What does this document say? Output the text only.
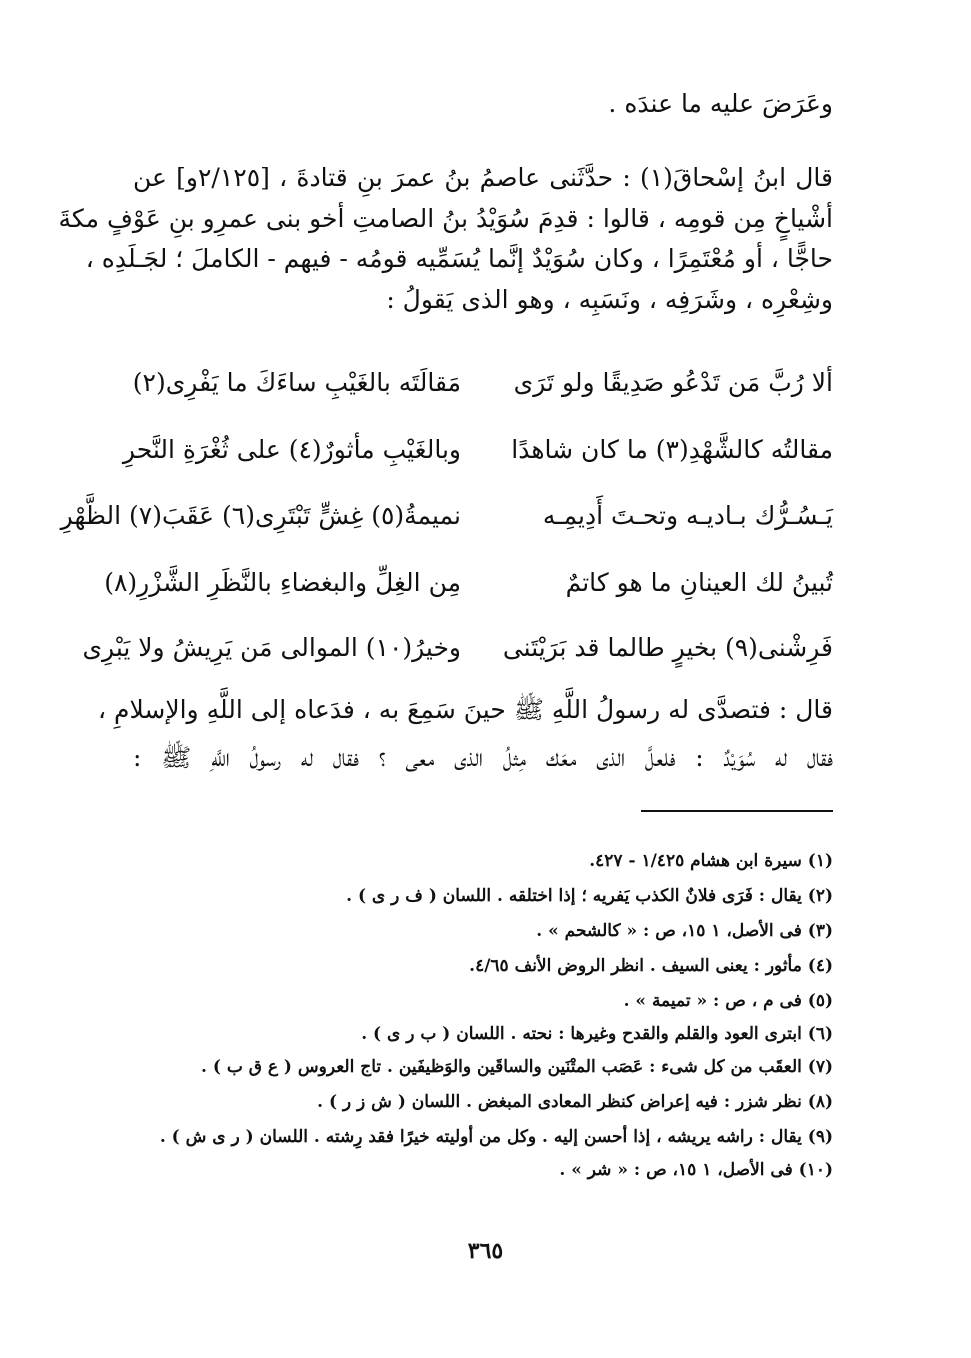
وعَرَضَ عليه ما عندَه .
قال ابنُ إسْحاقَ(١) : حدَّثَنى عاصمُ بنُ عمرَ بنِ قتادةَ ، [٢/١٢٥و] عن
أشْياخٍ مِن قومِه ، قالوا : قدِمَ سُوَيْدُ بنُ الصامتِ أخو بنى عمرِو بنِ عَوْفٍ مكةَ
حاجًّا ، أو مُعْتَمِرًا ، وكان سُوَيْدٌ إنَّما يُسَمِّيه قومُه - فيهم - الكاملَ ؛ لجَـلَدِه ،
وشِعْرِه ، وشَرَفِه ، ونَسَبِه ، وهو الذى يَقولُ :
ألا رُبَّ مَن تَدْعُو صَدِيقًا ولو تَرَى
مَقالَتَه بالغَيْبِ ساءَكَ ما يَفْرِى(٢)
مقالتُه كالشَّهْدِ(٣) ما كان شاهدًا
وبالغَيْبِ مأثورٌ(٤) على ثُغْرَةِ النَّحرِ
يَـسُـرُّك بـاديـه وتحـتَ أَدِيمِـه
نميمةُ(٥) غِشٍّ تَبْتَرِى(٦) عَقَبَ(٧) الظَّهْرِ
تُبينُ لك العينانِ ما هو كاتمٌ
مِن الغِلِّ والبغضاءِ بالنَّظَرِ الشَّزْرِ(٨)
فَرِشْنى(٩) بخيرٍ طالما قد بَرَيْتَنى
وخيرُ(١٠) الموالى مَن يَرِيشُ ولا يَبْرِى
قال : فتصدَّى له رسولُ اللَّهِ ﷺ حينَ سَمِعَ به ، فدَعاه إلى اللَّهِ والإسلامِ ،
فقال له سُوَيْدٌ : فلعلَّ الذى معَك مِثلُ الذى معى ؟ فقال له رسولُ اللَّهِ ﷺ :
(١) سيرة ابن هشام ١/٤٢٥ - ٤٢٧.
(٢) يقال : فَرَى فلانٌ الكذب يَفريه ؛ إذا اختلقه . اللسان ( ف ر ى ) .
(٣) فى الأصل، ١ ١٥، ص : « كالشحم » .
(٤) مأثور : يعنى السيف . انظر الروض الأنف ٤/٦٥.
(٥) فى م ، ص : « تميمة » .
(٦) ابترى العود والقلم والقدح وغيرها : نحته . اللسان ( ب ر ى ) .
(٧) العقَب من كل شىء : عَصَب المتْنَين والساقَين والوَظيفَين . تاج العروس ( ع ق ب ) .
(٨) نظر شزر : فيه إعراض كنظر المعادى المبغض . اللسان ( ش ز ر ) .
(٩) يقال : راشه يريشه ، إذا أحسن إليه . وكل من أوليته خيرًا فقد رِشته . اللسان ( ر ى ش ) .
(١٠) فى الأصل، ١ ١٥، ص : « شر » .
٣٦٥
